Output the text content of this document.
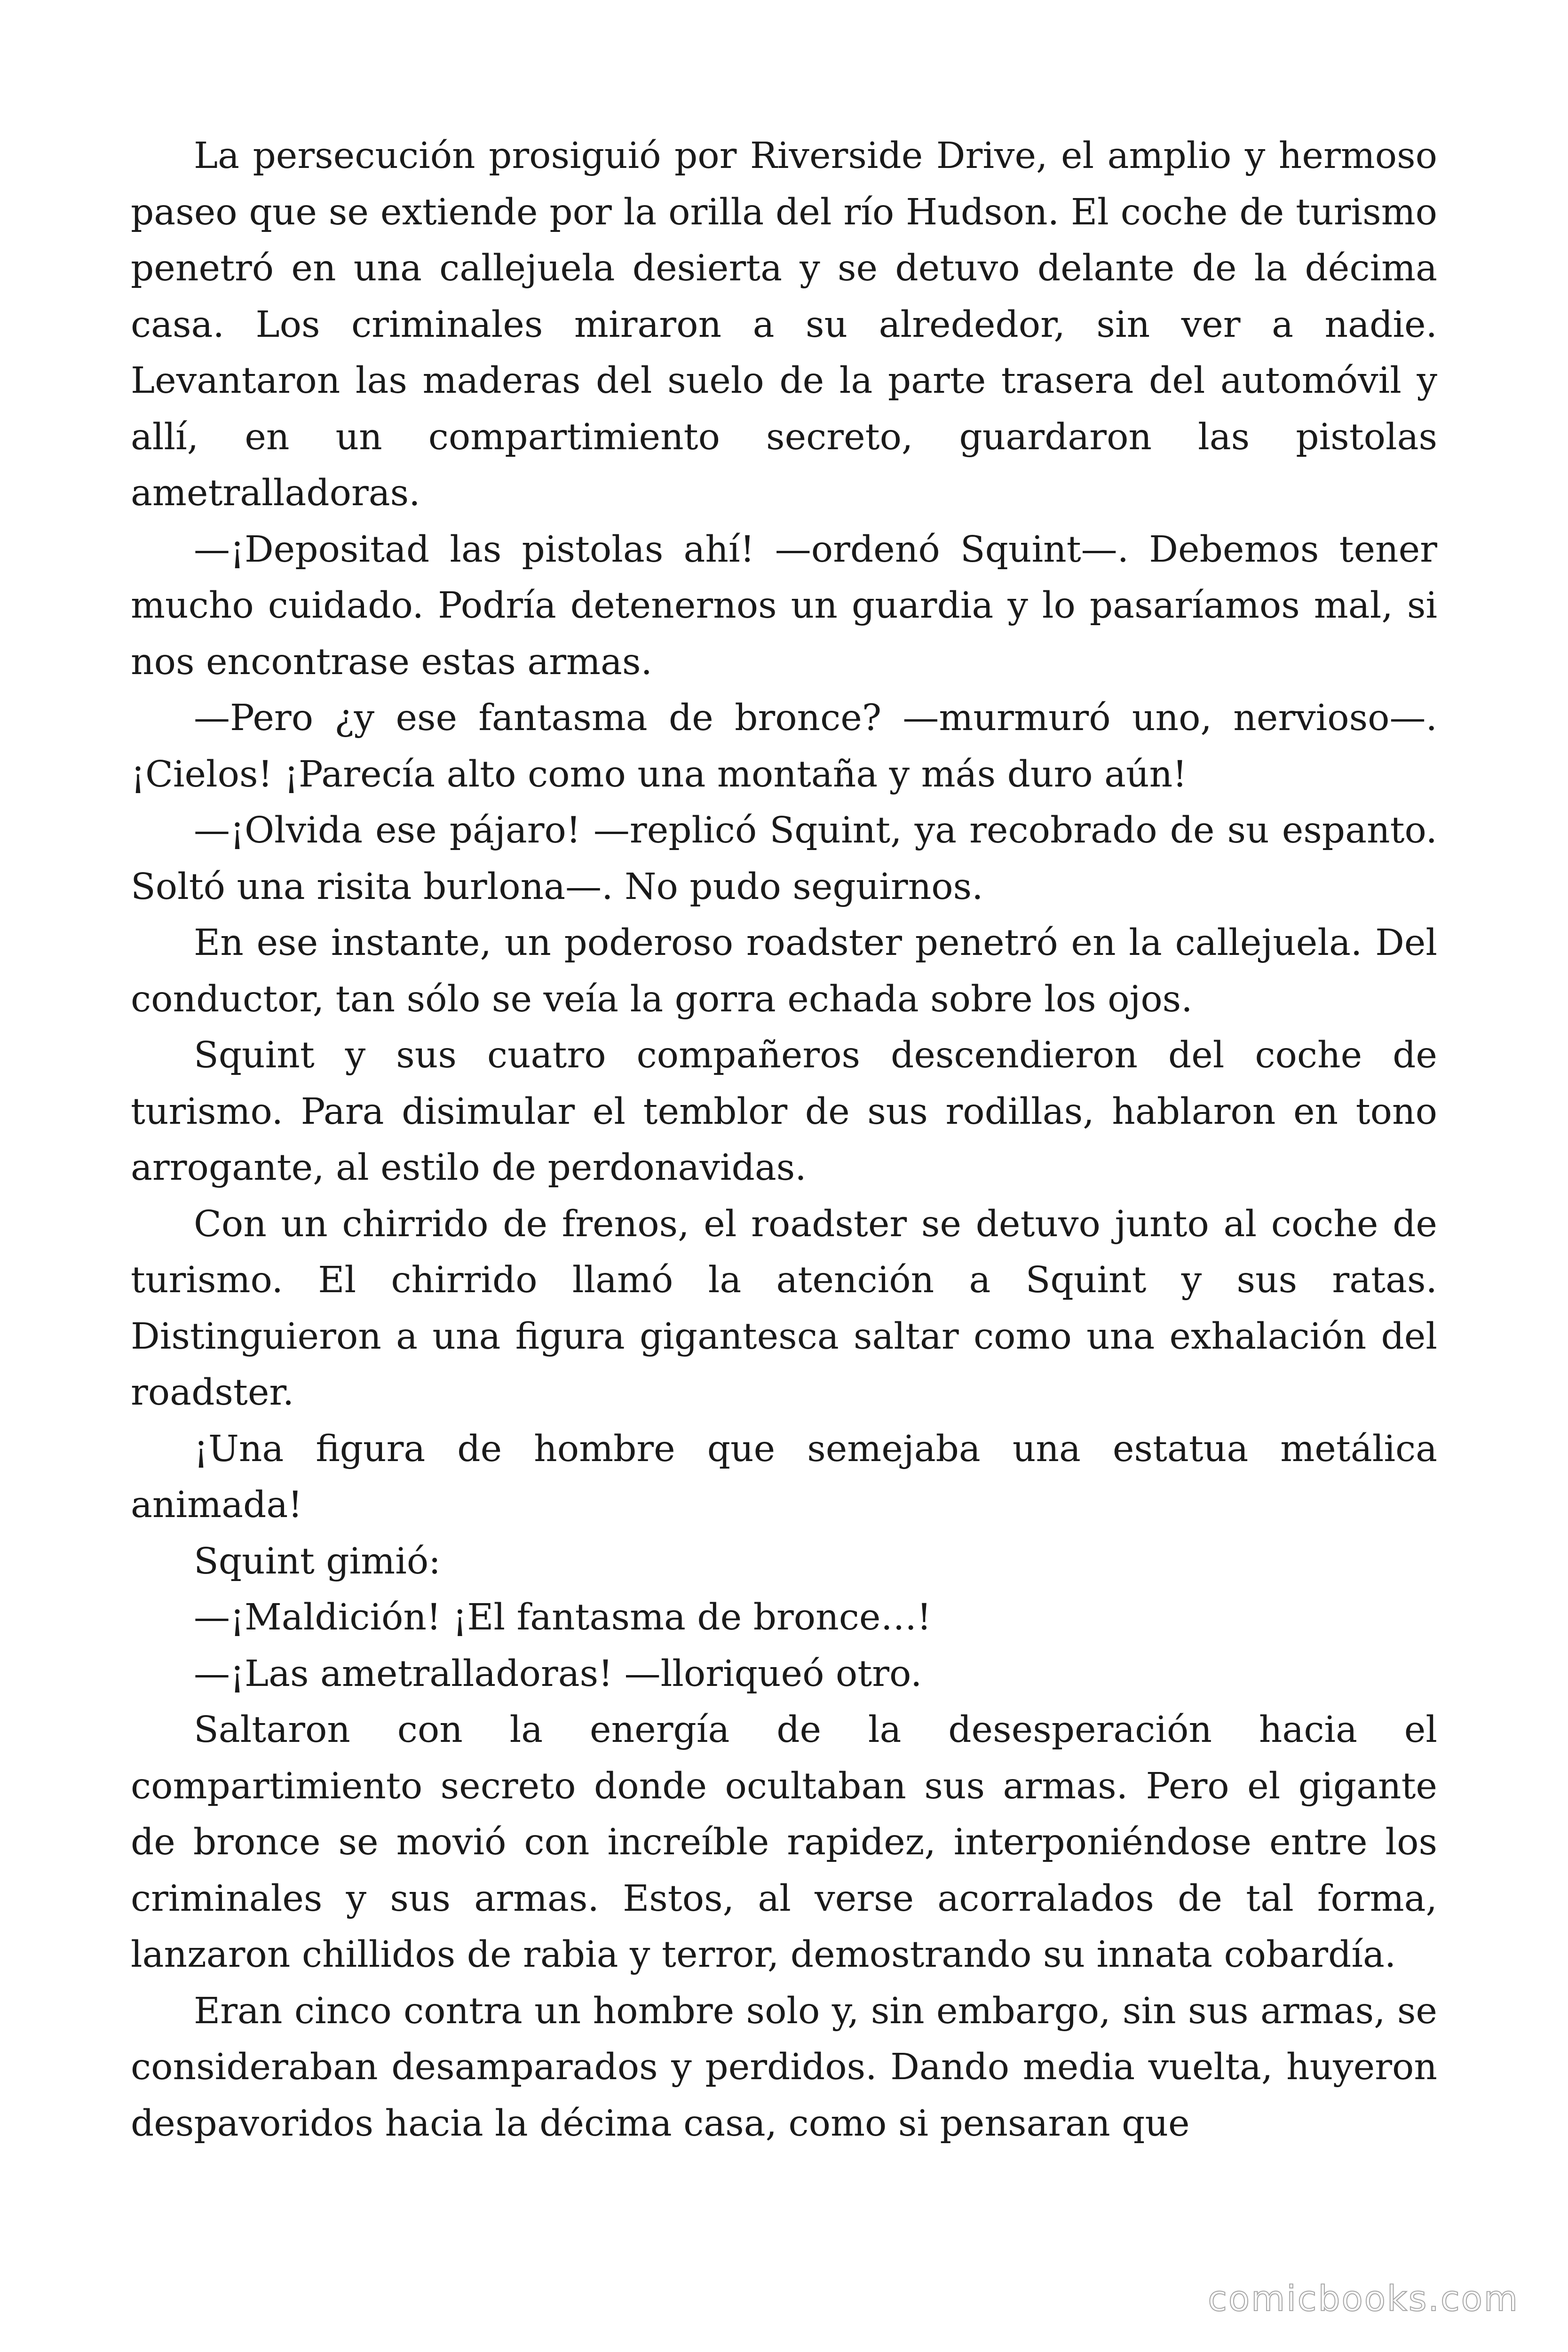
La persecución prosiguió por Riverside Drive, el amplio y hermoso paseo que se extiende por la orilla del río Hudson. El coche de turismo penetró en una callejuela desierta y se detuvo delante de la décima casa. Los criminales miraron a su alrededor, sin ver a nadie. Levantaron las maderas del suelo de la parte trasera del automóvil y allí, en un compartimiento secreto, guardaron las pistolas ametralladoras.

—¡Depositad las pistolas ahí! —ordenó Squint—. Debemos tener mucho cuidado. Podría detenernos un guardia y lo pasaríamos mal, si nos encontrase estas armas.

—Pero ¿y ese fantasma de bronce? —murmuró uno, nervioso—. ¡Cielos! ¡Parecía alto como una montaña y más duro aún!

—¡Olvida ese pájaro! —replicó Squint, ya recobrado de su espanto. Soltó una risita burlona—. No pudo seguirnos.

En ese instante, un poderoso roadster penetró en la callejuela. Del conductor, tan sólo se veía la gorra echada sobre los ojos.

Squint y sus cuatro compañeros descendieron del coche de turismo. Para disimular el temblor de sus rodillas, hablaron en tono arrogante, al estilo de perdonavidas.

Con un chirrido de frenos, el roadster se detuvo junto al coche de turismo. El chirrido llamó la atención a Squint y sus ratas. Distinguieron a una figura gigantesca saltar como una exhalación del roadster.

¡Una figura de hombre que semejaba una estatua metálica animada!

Squint gimió:

—¡Maldición! ¡El fantasma de bronce…!

—¡Las ametralladoras! —lloriqueó otro.

Saltaron con la energía de la desesperación hacia el compartimiento secreto donde ocultaban sus armas. Pero el gigante de bronce se movió con increíble rapidez, interponiéndose entre los criminales y sus armas. Estos, al verse acorralados de tal forma, lanzaron chillidos de rabia y terror, demostrando su innata cobardía.

Eran cinco contra un hombre solo y, sin embargo, sin sus armas, se consideraban desamparados y perdidos. Dando media vuelta, huyeron despavoridos hacia la décima casa, como si pensaran que

comicbooks.com
